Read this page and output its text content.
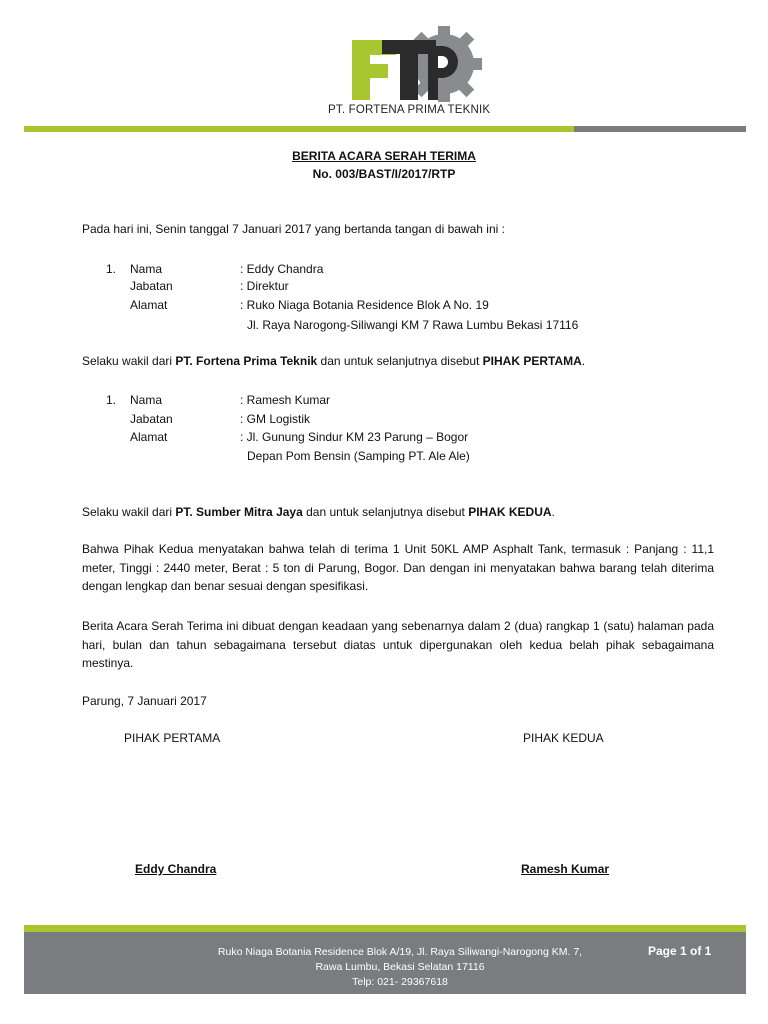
PT. FORTENA PRIMA TEKNIK
BERITA ACARA SERAH TERIMA
No. 003/BAST/I/2017/RTP
Pada hari ini, Senin tanggal 7 Januari 2017 yang bertanda tangan di bawah ini :
1. Nama	: Eddy Chandra
Jabatan	: Direktur
Alamat	: Ruko Niaga Botania Residence Blok A No. 19
Jl. Raya Narogong-Siliwangi KM 7 Rawa Lumbu Bekasi 17116
Selaku wakil dari PT. Fortena Prima Teknik dan untuk selanjutnya disebut PIHAK PERTAMA.
1. Nama	: Ramesh Kumar
Jabatan	: GM Logistik
Alamat	: Jl. Gunung Sindur KM 23 Parung – Bogor
Depan Pom Bensin (Samping PT. Ale Ale)
Selaku wakil dari PT. Sumber Mitra Jaya dan untuk selanjutnya disebut PIHAK KEDUA.
Bahwa Pihak Kedua menyatakan bahwa telah di terima 1 Unit 50KL AMP Asphalt Tank, termasuk : Panjang : 11,1 meter, Tinggi : 2440 meter, Berat : 5 ton di Parung, Bogor. Dan dengan ini menyatakan bahwa barang telah diterima dengan lengkap dan benar sesuai dengan spesifikasi.
Berita Acara Serah Terima ini dibuat dengan keadaan yang sebenarnya dalam 2 (dua) rangkap 1 (satu) halaman pada hari, bulan dan tahun sebagaimana tersebut diatas untuk dipergunakan oleh kedua belah pihak sebagaimana mestinya.
Parung, 7 Januari 2017
PIHAK PERTAMA	PIHAK KEDUA
Eddy Chandra	Ramesh Kumar
Ruko Niaga Botania Residence Blok A/19, Jl. Raya Siliwangi-Narogong KM. 7,
Rawa Lumbu, Bekasi Selatan 17116
Telp: 021- 29367618
Page 1 of 1
